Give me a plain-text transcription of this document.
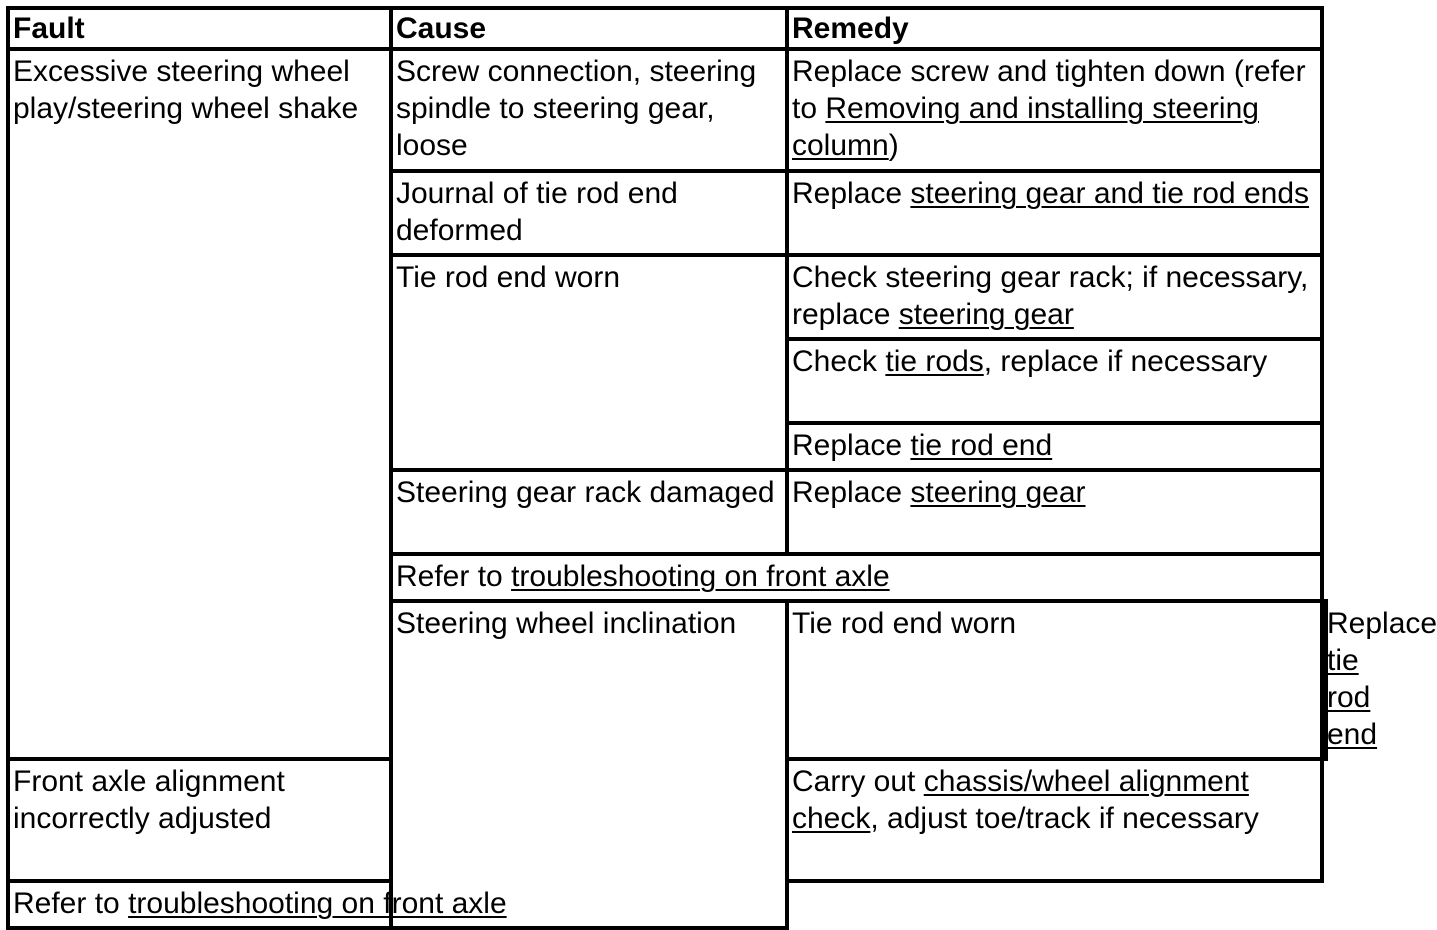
Fault	Cause	Remedy	
Excessive steering wheel play/steering wheel shake	Screw connection, steering spindle to steering gear, loose	Replace screw and tighten down (refer to Removing and installing steering column)	
	Journal of tie rod end deformed	Replace steering gear and tie rod ends	
	Tie rod end worn	Check steering gear rack; if necessary, replace steering gear	
		Check tie rods, replace if necessary	
		Replace tie rod end	
	Steering gear rack damaged	Replace steering gear	
	Refer to troubleshooting on front axle		
	Steering wheel inclination	Tie rod end worn	Replace tie rod end
Front axle alignment incorrectly adjusted		Carry out chassis/wheel alignment check, adjust toe/track if necessary	
Refer to troubleshooting on front axle			
